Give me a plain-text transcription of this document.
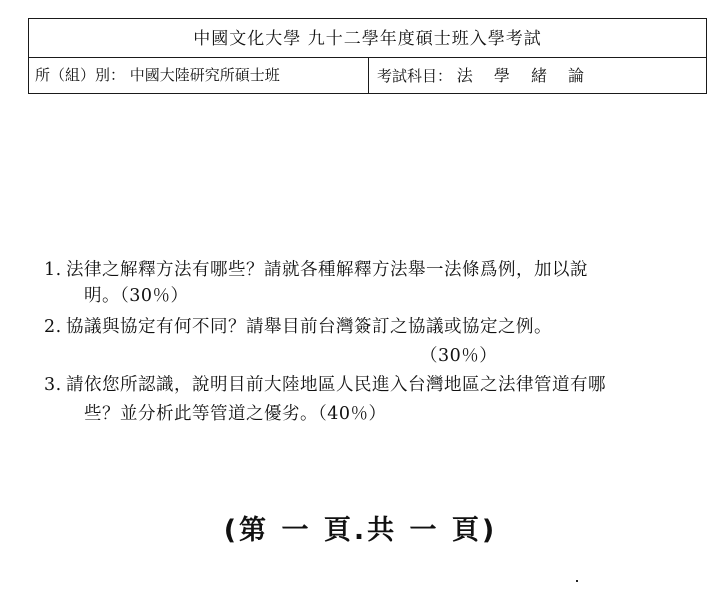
中國文化大學 九十二學年度碩士班入學考試
所（組）別： 中國大陸研究所碩士班	考試科目： 法 學 緒 論
1. 法律之解釋方法有哪些？請就各種解釋方法舉一法條爲例，加以說
明。（30％）
2. 協議與協定有何不同？請舉目前台灣簽訂之協議或協定之例。
（30％）
3. 請依您所認識，說明目前大陸地區人民進入台灣地區之法律管道有哪
些？並分析此等管道之優劣。（40％）
(第 一 頁.共 一 頁)
